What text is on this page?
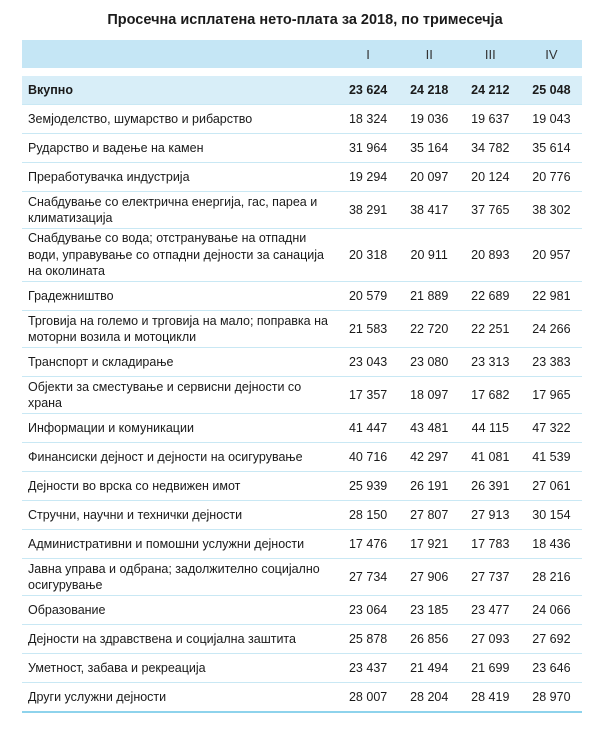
Просечна исплатена нето-плата за 2018, по тримесечја
	I	II	III	IV

Вкупно	23 624	24 218	24 212	25 048
Земјоделство, шумарство и рибарство	18 324	19 036	19 637	19 043
Рударство и вадење на камен	31 964	35 164	34 782	35 614
Преработувачка индустрија	19 294	20 097	20 124	20 776
Снабдување со електрична енергија, гас, пареа и климатизација	38 291	38 417	37 765	38 302
Снабдување со вода; отстранување на отпадни води, управување со отпадни дејности за санација на околината	20 318	20 911	20 893	20 957
Градежништво	20 579	21 889	22 689	22 981
Трговија на големо и трговија на мало; поправка на моторни возила и мотоцикли	21 583	22 720	22 251	24 266
Транспорт и складирање	23 043	23 080	23 313	23 383
Објекти за сместување и сервисни дејности со храна	17 357	18 097	17 682	17 965
Информации и комуникации	41 447	43 481	44 115	47 322
Финансиски дејност и дејности на осигурување	40 716	42 297	41 081	41 539
Дејности во врска со недвижен имот	25 939	26 191	26 391	27 061
Стручни, научни и технички дејности	28 150	27 807	27 913	30 154
Административни и помошни услужни дејности	17 476	17 921	17 783	18 436
Јавна управа и одбрана; задолжително социјално осигурување	27 734	27 906	27 737	28 216
Образование	23 064	23 185	23 477	24 066
Дејности на здравствена и социјална заштита	25 878	26 856	27 093	27 692
Уметност, забава и рекреација	23 437	21 494	21 699	23 646
Други услужни дејности	28 007	28 204	28 419	28 970
